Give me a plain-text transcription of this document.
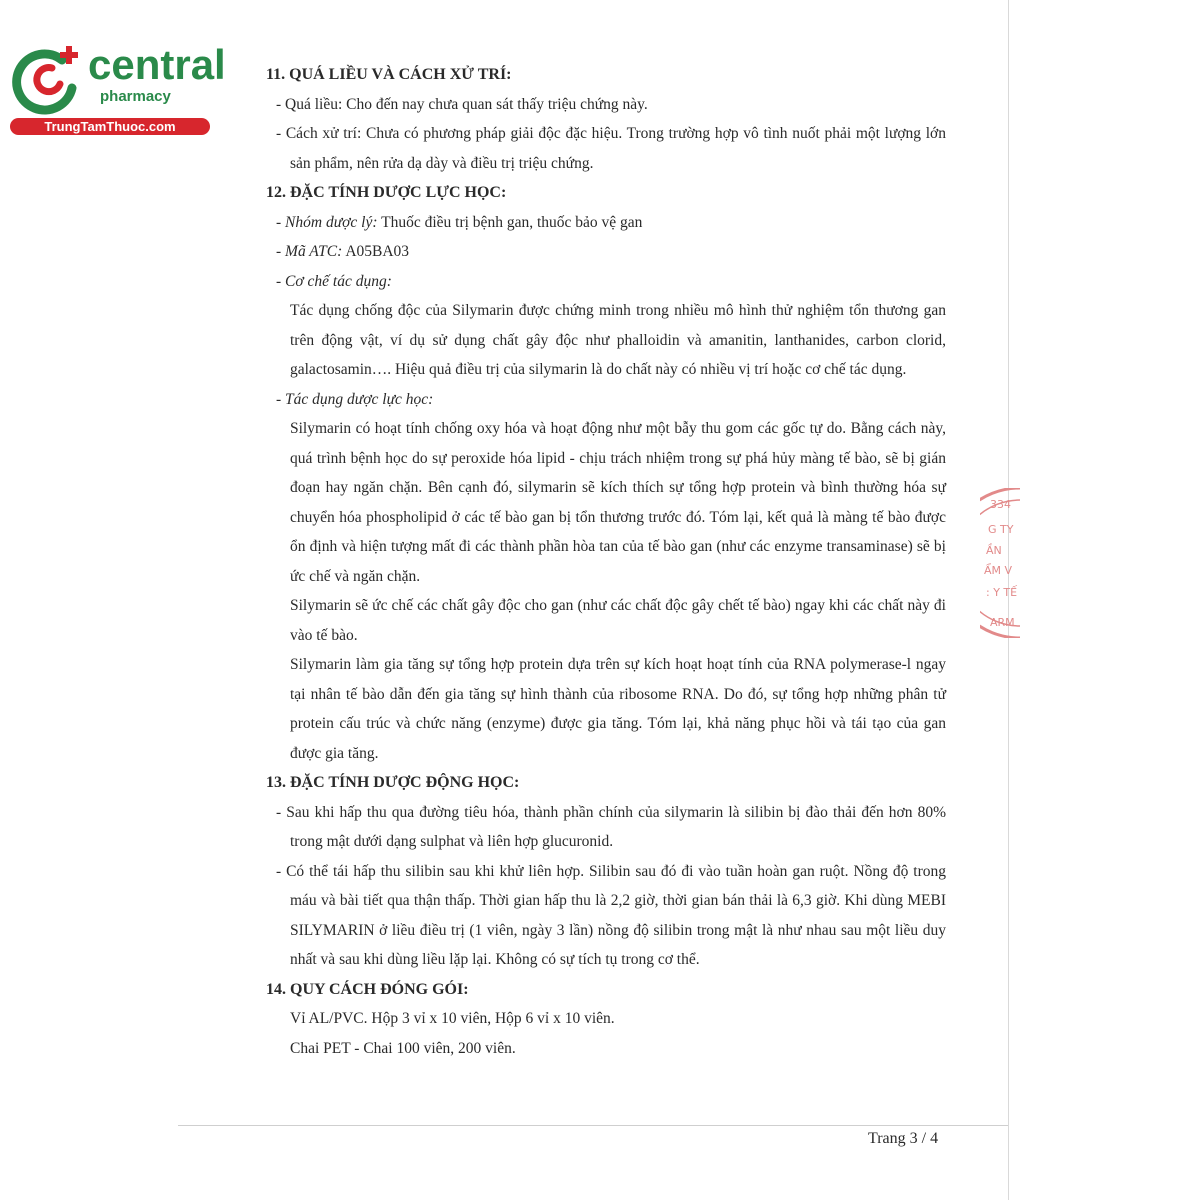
central
pharmacy
TrungTamThuoc.com
11. QUÁ LIỀU VÀ CÁCH XỬ TRÍ:
- Quá liều: Cho đến nay chưa quan sát thấy triệu chứng này.
- Cách xử trí: Chưa có phương pháp giải độc đặc hiệu. Trong trường hợp vô tình nuốt phải một lượng lớn sản phẩm, nên rửa dạ dày và điều trị triệu chứng.
12. ĐẶC TÍNH DƯỢC LỰC HỌC:
- Nhóm dược lý: Thuốc điều trị bệnh gan, thuốc bảo vệ gan
- Mã ATC: A05BA03
- Cơ chế tác dụng:
Tác dụng chống độc của Silymarin được chứng minh trong nhiều mô hình thử nghiệm tổn thương gan trên động vật, ví dụ sử dụng chất gây độc như phalloidin và amanitin, lanthanides, carbon clorid, galactosamin…. Hiệu quả điều trị của silymarin là do chất này có nhiều vị trí hoặc cơ chế tác dụng.
- Tác dụng dược lực học:
Silymarin có hoạt tính chống oxy hóa và hoạt động như một bẫy thu gom các gốc tự do. Bằng cách này, quá trình bệnh học do sự peroxide hóa lipid - chịu trách nhiệm trong sự phá hủy màng tế bào, sẽ bị gián đoạn hay ngăn chặn. Bên cạnh đó, silymarin sẽ kích thích sự tổng hợp protein và bình thường hóa sự chuyển hóa phospholipid ở các tế bào gan bị tổn thương trước đó. Tóm lại, kết quả là màng tế bào được ổn định và hiện tượng mất đi các thành phần hòa tan của tế bào gan (như các enzyme transaminase) sẽ bị ức chế và ngăn chặn.
Silymarin sẽ ức chế các chất gây độc cho gan (như các chất độc gây chết tế bào) ngay khi các chất này đi vào tế bào.
Silymarin làm gia tăng sự tổng hợp protein dựa trên sự kích hoạt hoạt tính của RNA polymerase-l ngay tại nhân tế bào dẫn đến gia tăng sự hình thành của ribosome RNA. Do đó, sự tổng hợp những phân tử protein cấu trúc và chức năng (enzyme) được gia tăng. Tóm lại, khả năng phục hồi và tái tạo của gan được gia tăng.
13. ĐẶC TÍNH DƯỢC ĐỘNG HỌC:
- Sau khi hấp thu qua đường tiêu hóa, thành phần chính của silymarin là silibin bị đào thải đến hơn 80% trong mật dưới dạng sulphat và liên hợp glucuronid.
- Có thể tái hấp thu silibin sau khi khử liên hợp. Silibin sau đó đi vào tuần hoàn gan ruột. Nồng độ trong máu và bài tiết qua thận thấp. Thời gian hấp thu là 2,2 giờ, thời gian bán thải là 6,3 giờ. Khi dùng MEBI SILYMARIN ở liều điều trị (1 viên, ngày 3 lần) nồng độ silibin trong mật là như nhau sau một liều duy nhất và sau khi dùng liều lặp lại. Không có sự tích tụ trong cơ thể.
14. QUY CÁCH ĐÓNG GÓI:
Vỉ AL/PVC. Hộp 3 vỉ x 10 viên, Hộp 6 vỉ x 10 viên.
Chai PET - Chai 100 viên, 200 viên.
334
G TY
ẦN
ẨM V
: Y TẾ
ARM
Trang 3 / 4
